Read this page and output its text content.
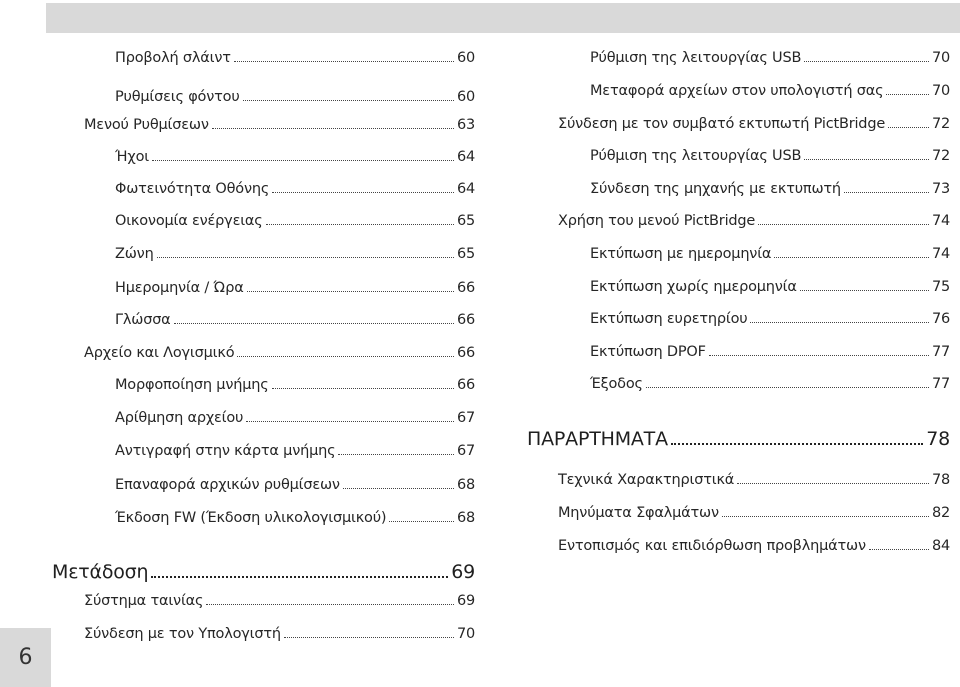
Προβολή σλάιντ	60
Ρυθμίσεις φόντου	60
Μενού Ρυθμίσεων	63
Ήχοι	64
Φωτεινότητα Οθόνης	64
Οικονομία ενέργειας	65
Ζώνη	65
Ημερομηνία / Ώρα	66
Γλώσσα	66
Αρχείο και Λογισμικό	66
Μορφοποίηση μνήμης	66
Αρίθμηση αρχείου	67
Αντιγραφή στην κάρτα μνήμης	67
Επαναφορά αρχικών ρυθμίσεων	68
Έκδοση FW (Έκδοση υλικολογισμικού)	68
Μετάδοση	69
Σύστημα ταινίας	69
Σύνδεση με τον Υπολογιστή	70
Ρύθμιση της λειτουργίας USB	70
Μεταφορά αρχείων στον υπολογιστή σας	70
Σύνδεση με τον συμβατό εκτυπωτή PictBridge	72
Ρύθμιση της λειτουργίας USB	72
Σύνδεση της μηχανής με εκτυπωτή	73
Χρήση του μενού PictBridge	74
Εκτύπωση με ημερομηνία	74
Εκτύπωση χωρίς ημερομηνία	75
Εκτύπωση ευρετηρίου	76
Εκτύπωση DPOF	77
Έξοδος	77
ΠΑΡΑΡΤΗΜΑΤΑ	78
Τεχνικά Χαρακτηριστικά	78
Μηνύματα Σφαλμάτων	82
Εντοπισμός και επιδιόρθωση προβλημάτων	84
6
